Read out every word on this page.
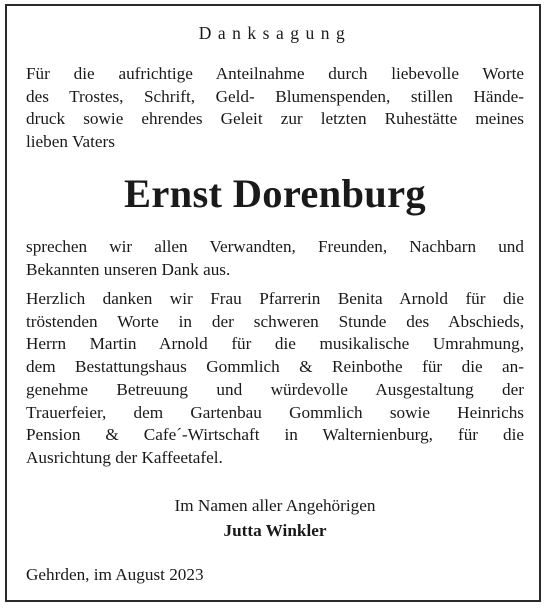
Danksagung
Für die aufrichtige Anteilnahme durch liebevolle Worte
des Trostes, Schrift, Geld- Blumenspenden, stillen Hände-
druck sowie ehrendes Geleit zur letzten Ruhestätte meines
lieben Vaters
Ernst Dorenburg
sprechen wir allen Verwandten, Freunden, Nachbarn und
Bekannten unseren Dank aus.
Herzlich danken wir Frau Pfarrerin Benita Arnold für die
tröstenden Worte in der schweren Stunde des Abschieds,
Herrn Martin Arnold für die musikalische Umrahmung,
dem Bestattungshaus Gommlich & Reinbothe für die an-
genehme Betreuung und würdevolle Ausgestaltung der
Trauerfeier, dem Gartenbau Gommlich sowie Heinrichs
Pension & Cafe´-Wirtschaft in Walternienburg, für die
Ausrichtung der Kaffeetafel.
Im Namen aller Angehörigen
Jutta Winkler
Gehrden, im August 2023
